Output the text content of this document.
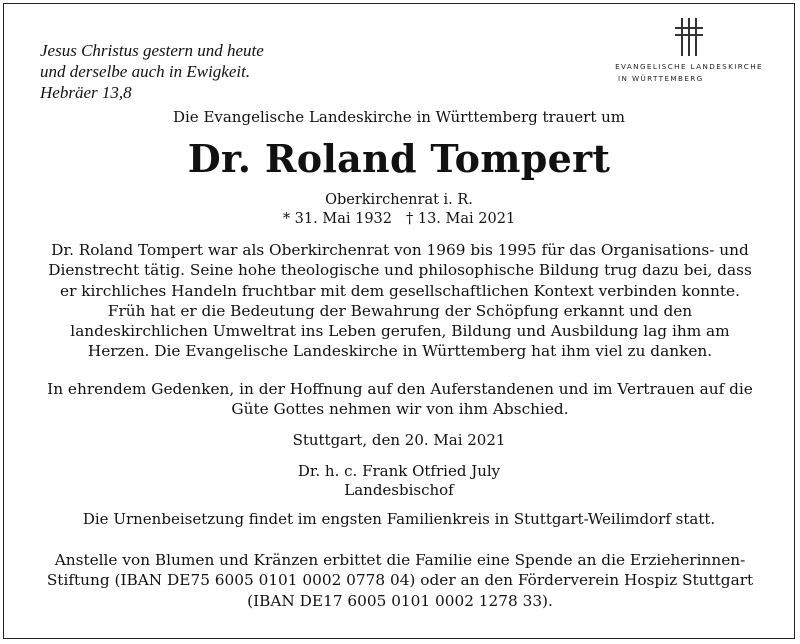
Jesus Christus gestern und heute
und derselbe auch in Ewigkeit.
Hebräer 13,8
EVANGELISCHE LANDESKIRCHE
IN WÜRTTEMBERG
Die Evangelische Landeskirche in Württemberg trauert um
Dr. Roland Tompert
Oberkirchenrat i. R.
* 31. Mai 1932 † 13. Mai 2021
Dr. Roland Tompert war als Oberkirchenrat von 1969 bis 1995 für das Organisations- und
Dienstrecht tätig. Seine hohe theologische und philosophische Bildung trug dazu bei, dass
er kirchliches Handeln fruchtbar mit dem gesellschaftlichen Kontext verbinden konnte.
Früh hat er die Bedeutung der Bewahrung der Schöpfung erkannt und den
landeskirchlichen Umweltrat ins Leben gerufen, Bildung und Ausbildung lag ihm am
Herzen. Die Evangelische Landeskirche in Württemberg hat ihm viel zu danken.
In ehrendem Gedenken, in der Hoffnung auf den Auferstandenen und im Vertrauen auf die
Güte Gottes nehmen wir von ihm Abschied.
Stuttgart, den 20. Mai 2021
Dr. h. c. Frank Otfried July
Landesbischof
Die Urnenbeisetzung findet im engsten Familienkreis in Stuttgart-Weilimdorf statt.
Anstelle von Blumen und Kränzen erbittet die Familie eine Spende an die Erzieherinnen-
Stiftung (IBAN DE75 6005 0101 0002 0778 04) oder an den Förderverein Hospiz Stuttgart
(IBAN DE17 6005 0101 0002 1278 33).
